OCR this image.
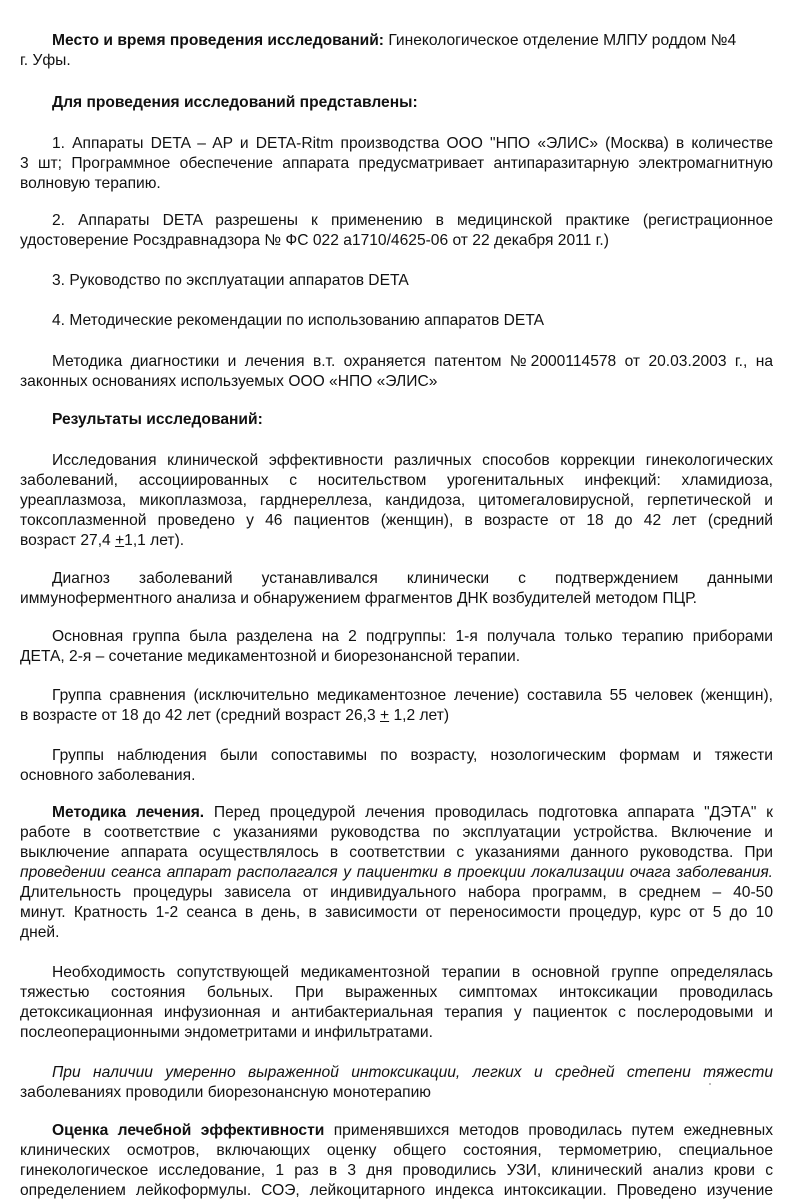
Место и время проведения исследований: Гинекологическое отделение МЛПУ роддом №4
г. Уфы.
Для проведения исследований представлены:
1. Аппараты DETA – AP и DETA-Ritm производства ООО "НПО «ЭЛИС» (Москва) в количестве
3 шт; Программное обеспечение аппарата предусматривает антипаразитарную электромагнитную
волновую терапию.
2. Аппараты DETA разрешены к применению в медицинской практике (регистрационное
удостоверение Росздравнадзора № ФС 022 а1710/4625-06 от 22 декабря 2011 г.)
3. Руководство по эксплуатации аппаратов DETA
4. Методические рекомендации по использованию аппаратов DETA
Методика диагностики и лечения в.т. охраняется патентом №2000114578 от 20.03.2003 г., на
законных основаниях используемых ООО «НПО «ЭЛИС»
Результаты исследований:
Исследования клинической эффективности различных способов коррекции гинекологических
заболеваний, ассоциированных с носительством урогенитальных инфекций: хламидиоза,
уреаплазмоза, микоплазмоза, гарднереллеза, кандидоза, цитомегаловирусной, герпетической и
токсоплазменной проведено у 46 пациентов (женщин), в возрасте от 18 до 42 лет (средний
возраст 27,4 +1,1 лет).
Диагноз заболеваний устанавливался клинически с подтверждением данными
иммуноферментного анализа и обнаружением фрагментов ДНК возбудителей методом ПЦР.
Основная группа была разделена на 2 подгруппы: 1-я получала только терапию приборами
ДЕТА, 2-я – сочетание медикаментозной и биорезонансной терапии.
Группа сравнения (исключительно медикаментозное лечение) составила 55 человек (женщин),
в возрасте от 18 до 42 лет (средний возраст 26,3 + 1,2 лет)
Группы наблюдения были сопоставимы по возрасту, нозологическим формам и тяжести
основного заболевания.
Методика лечения. Перед процедурой лечения проводилась подготовка аппарата "ДЭТА" к
работе в соответствие с указаниями руководства по эксплуатации устройства. Включение и
выключение аппарата осуществлялось в соответствии с указаниями данного руководства. При
проведении сеанса аппарат располагался у пациентки в проекции локализации очага заболевания.
Длительность процедуры зависела от индивидуального набора программ, в среднем – 40-50
минут. Кратность 1-2 сеанса в день, в зависимости от переносимости процедур, курс от 5 до 10
дней.
Необходимость сопутствующей медикаментозной терапии в основной группе определялась
тяжестью состояния больных. При выраженных симптомах интоксикации проводилась
детоксикационная инфузионная и антибактериальная терапия у пациенток с послеродовыми и
послеоперационными эндометритами и инфильтратами.
При наличии умеренно выраженной интоксикации, легких и средней степени тяжести
заболеваниях проводили биорезонансную монотерапию
Оценка лечебной эффективности применявшихся методов проводилась путем ежедневных
клинических осмотров, включающих оценку общего состояния, термометрию, специальное
гинекологическое исследование, 1 раз в 3 дня проводились УЗИ, клинический анализ крови с
определением лейкоформулы. СОЭ, лейкоцитарного индекса интоксикации. Проведено изучение
